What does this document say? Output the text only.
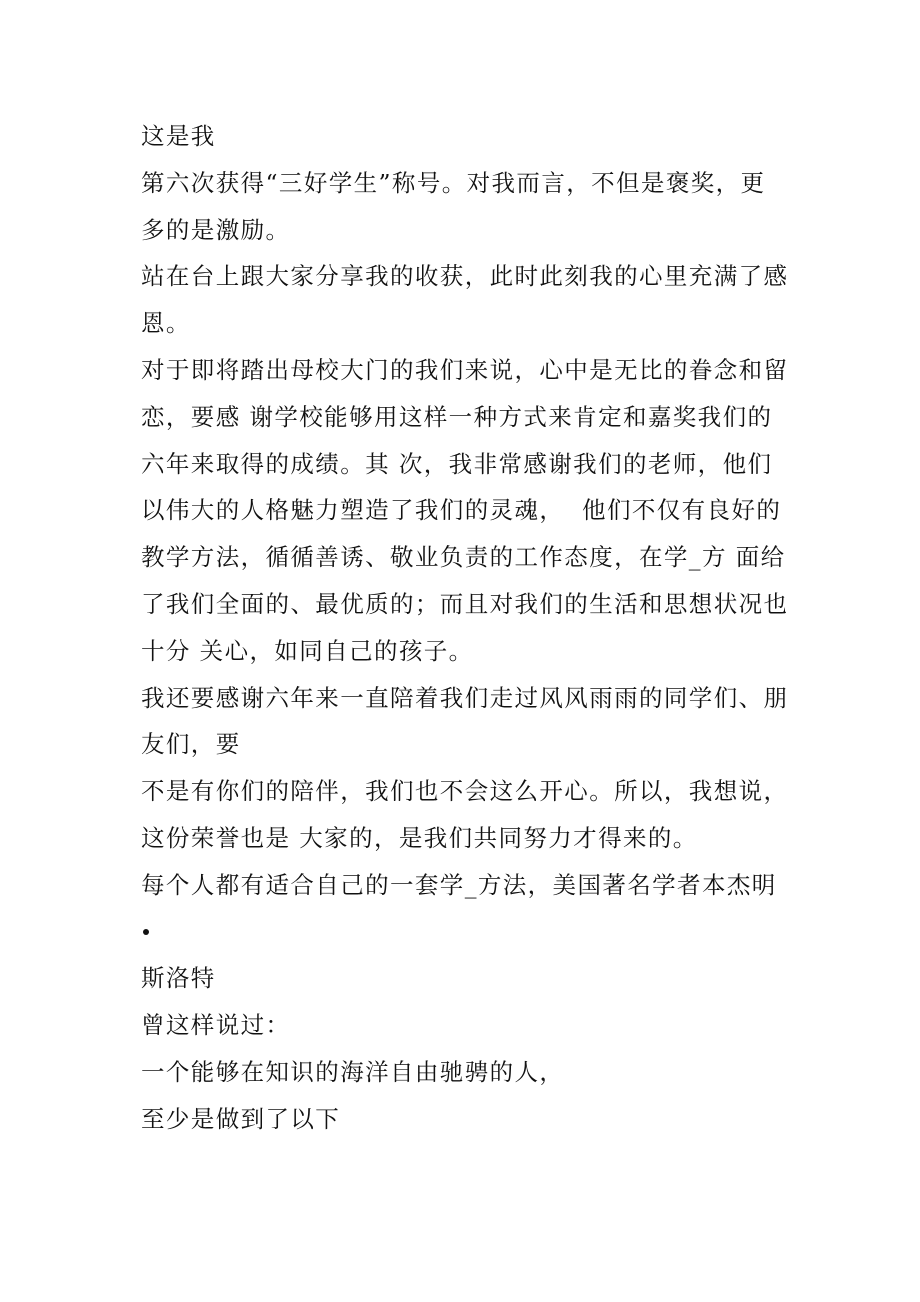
这是我

第六次获得“三好学生”称号。对我而言，不但是褒奖，更

多的是激励。

站在台上跟大家分享我的收获，此时此刻我的心里充满了感

恩。

对于即将踏出母校大门的我们来说，心中是无比的眷念和留

恋，要感 谢学校能够用这样一种方式来肯定和嘉奖我们的

六年来取得的成绩。其 次，我非常感谢我们的老师，他们

以伟大的人格魅力塑造了我们的灵魂，  他们不仅有良好的

教学方法，循循善诱、敬业负责的工作态度，在学_方 面给

了我们全面的、最优质的；而且对我们的生活和思想状况也

十分 关心，如同自己的孩子。

我还要感谢六年来一直陪着我们走过风风雨雨的同学们、朋

友们，要

不是有你们的陪伴，我们也不会这么开心。所以，我想说，

这份荣誉也是 大家的，是我们共同努力才得来的。

每个人都有适合自己的一套学_方法，美国著名学者本杰明

斯洛特

曾这样说过：

一个能够在知识的海洋自由驰骋的人，

至少是做到了以下
